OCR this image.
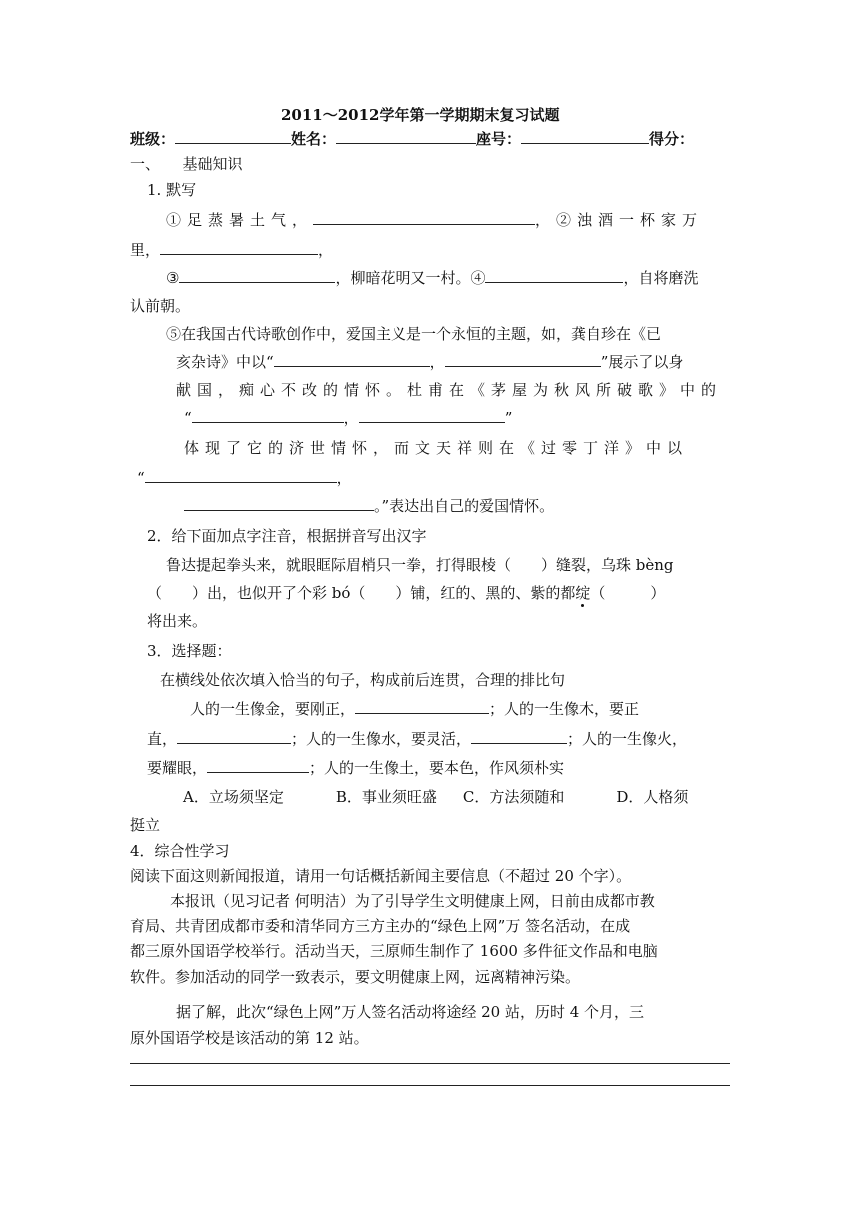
2011～2012学年第一学期期末复习试题
班级：	姓名：	座号：	得分：
一、　　基础知识
1. 默写
①足蒸暑土气，	，②浊酒一杯家万
里，	，
③	，柳暗花明又一村。④	，自将磨洗
认前朝。
⑤在我国古代诗歌创作中，爱国主义是一个永恒的主题，如，龚自珍在《已
亥杂诗》中以“	，	”展示了以身
献国，痴心不改的情怀。杜甫在《茅屋为秋风所破歌》中的
“	，	”
体现了它的济世情怀，而文天祥则在《过零丁洋》中以
“	，
。”表达出自己的爱国情怀。
2．给下面加点字注音，根据拼音写出汉字
鲁达提起拳头来，就眼眶际眉梢只一拳，打得眼棱（　　）缝裂，乌珠 bèng
（　　）出，也似开了个彩 bó（　　）铺，红的、黑的、紫的都绽（　　　）
将出来。
3．选择题：
在横线处依次填入恰当的句子，构成前后连贯，合理的排比句
人的一生像金，要刚正，	；人的一生像木，要正
直，	；人的一生像水，要灵活，	；人的一生像火，
要耀眼，	；人的一生像土，要本色，作风须朴实
A．立场须坚定	B．事业须旺盛 C．方法须随和	D．人格须
挺立
4．综合性学习
阅读下面这则新闻报道，请用一句话概括新闻主要信息（不超过 20 个字）。
本报讯（见习记者 何明洁）为了引导学生文明健康上网，日前由成都市教
育局、共青团成都市委和清华同方三方主办的“绿色上网”万 签名活动，在成
都三原外国语学校举行。活动当天，三原师生制作了 1600 多件征文作品和电脑
软件。参加活动的同学一致表示，要文明健康上网，远离精神污染。
据了解，此次“绿色上网”万人签名活动将途经 20 站，历时 4 个月，三
原外国语学校是该活动的第 12 站。
